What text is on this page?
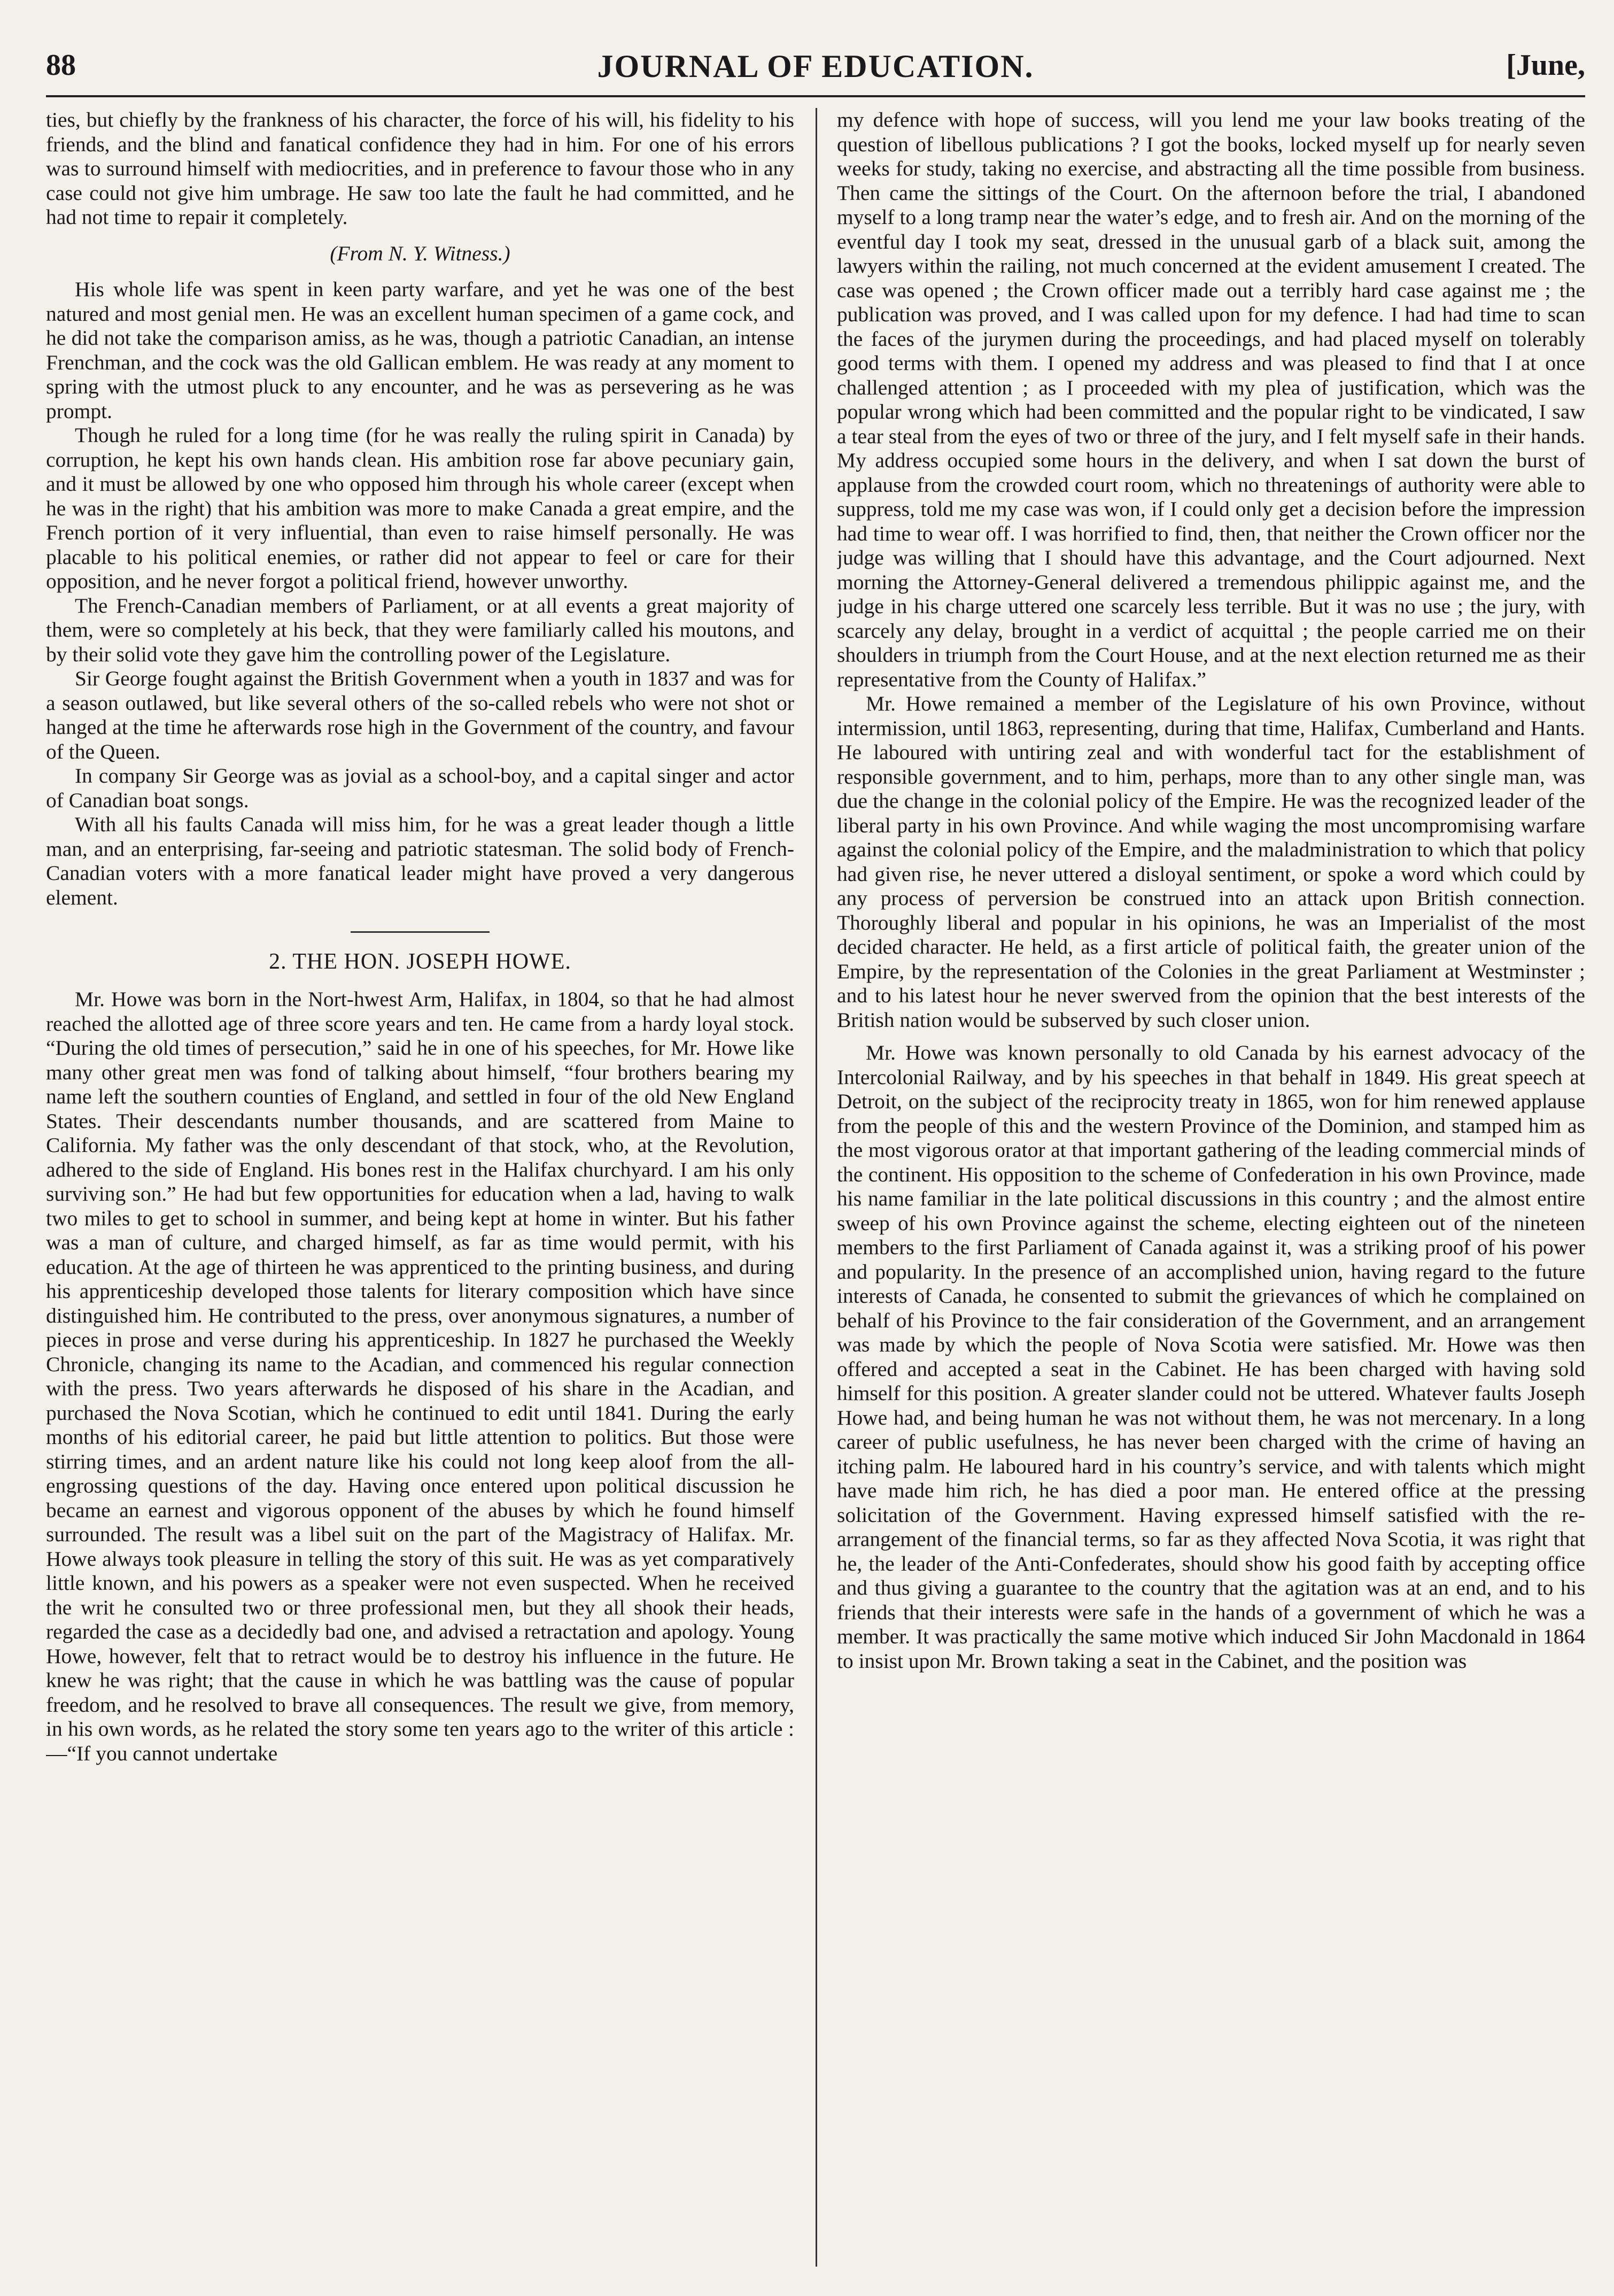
88	JOURNAL OF EDUCATION.	[June,

ties, but chiefly by the frankness of his character, the force of his will, his fidelity to his friends, and the blind and fanatical confidence they had in him. For one of his errors was to surround himself with mediocrities, and in preference to favour those who in any case could not give him umbrage. He saw too late the fault he had committed, and he had not time to repair it completely.

(From N. Y. Witness.)

His whole life was spent in keen party warfare, and yet he was one of the best natured and most genial men. He was an excellent human specimen of a game cock, and he did not take the comparison amiss, as he was, though a patriotic Canadian, an intense Frenchman, and the cock was the old Gallican emblem. He was ready at any moment to spring with the utmost pluck to any encounter, and he was as persevering as he was prompt.

Though he ruled for a long time (for he was really the ruling spirit in Canada) by corruption, he kept his own hands clean. His ambition rose far above pecuniary gain, and it must be allowed by one who opposed him through his whole career (except when he was in the right) that his ambition was more to make Canada a great empire, and the French portion of it very influential, than even to raise himself personally. He was placable to his political enemies, or rather did not appear to feel or care for their opposition, and he never forgot a political friend, however unworthy.

The French-Canadian members of Parliament, or at all events a great majority of them, were so completely at his beck, that they were familiarly called his moutons, and by their solid vote they gave him the controlling power of the Legislature.

Sir George fought against the British Government when a youth in 1837 and was for a season outlawed, but like several others of the so-called rebels who were not shot or hanged at the time he afterwards rose high in the Government of the country, and favour of the Queen.

In company Sir George was as jovial as a school-boy, and a capital singer and actor of Canadian boat songs.

With all his faults Canada will miss him, for he was a great leader though a little man, and an enterprising, far-seeing and patriotic statesman. The solid body of French-Canadian voters with a more fanatical leader might have proved a very dangerous element.

2. THE HON. JOSEPH HOWE.

Mr. Howe was born in the Nort-hwest Arm, Halifax, in 1804, so that he had almost reached the allotted age of three score years and ten. He came from a hardy loyal stock. “During the old times of persecution,” said he in one of his speeches, for Mr. Howe like many other great men was fond of talking about himself, “four brothers bearing my name left the southern counties of England, and settled in four of the old New England States. Their descendants number thousands, and are scattered from Maine to California. My father was the only descendant of that stock, who, at the Revolution, adhered to the side of England. His bones rest in the Halifax churchyard. I am his only surviving son.” He had but few opportunities for education when a lad, having to walk two miles to get to school in summer, and being kept at home in winter. But his father was a man of culture, and charged himself, as far as time would permit, with his education. At the age of thirteen he was apprenticed to the printing business, and during his apprenticeship developed those talents for literary composition which have since distinguished him. He contributed to the press, over anonymous signatures, a number of pieces in prose and verse during his apprenticeship. In 1827 he purchased the Weekly Chronicle, changing its name to the Acadian, and commenced his regular connection with the press. Two years afterwards he disposed of his share in the Acadian, and purchased the Nova Scotian, which he continued to edit until 1841. During the early months of his editorial career, he paid but little attention to politics. But those were stirring times, and an ardent nature like his could not long keep aloof from the all-engrossing questions of the day. Having once entered upon political discussion he became an earnest and vigorous opponent of the abuses by which he found himself surrounded. The result was a libel suit on the part of the Magistracy of Halifax. Mr. Howe always took pleasure in telling the story of this suit. He was as yet comparatively little known, and his powers as a speaker were not even suspected. When he received the writ he consulted two or three professional men, but they all shook their heads, regarded the case as a decidedly bad one, and advised a retractation and apology. Young Howe, however, felt that to retract would be to destroy his influence in the future. He knew he was right; that the cause in which he was battling was the cause of popular freedom, and he resolved to brave all consequences. The result we give, from memory, in his own words, as he related the story some ten years ago to the writer of this article :—“If you cannot undertake

my defence with hope of success, will you lend me your law books treating of the question of libellous publications ? I got the books, locked myself up for nearly seven weeks for study, taking no exercise, and abstracting all the time possible from business. Then came the sittings of the Court. On the afternoon before the trial, I abandoned myself to a long tramp near the water’s edge, and to fresh air. And on the morning of the eventful day I took my seat, dressed in the unusual garb of a black suit, among the lawyers within the railing, not much concerned at the evident amusement I created. The case was opened ; the Crown officer made out a terribly hard case against me ; the publication was proved, and I was called upon for my defence. I had had time to scan the faces of the jurymen during the proceedings, and had placed myself on tolerably good terms with them. I opened my address and was pleased to find that I at once challenged attention ; as I proceeded with my plea of justification, which was the popular wrong which had been committed and the popular right to be vindicated, I saw a tear steal from the eyes of two or three of the jury, and I felt myself safe in their hands. My address occupied some hours in the delivery, and when I sat down the burst of applause from the crowded court room, which no threatenings of authority were able to suppress, told me my case was won, if I could only get a decision before the impression had time to wear off. I was horrified to find, then, that neither the Crown officer nor the judge was willing that I should have this advantage, and the Court adjourned. Next morning the Attorney-General delivered a tremendous philippic against me, and the judge in his charge uttered one scarcely less terrible. But it was no use ; the jury, with scarcely any delay, brought in a verdict of acquittal ; the people carried me on their shoulders in triumph from the Court House, and at the next election returned me as their representative from the County of Halifax.”

Mr. Howe remained a member of the Legislature of his own Province, without intermission, until 1863, representing, during that time, Halifax, Cumberland and Hants. He laboured with untiring zeal and with wonderful tact for the establishment of responsible government, and to him, perhaps, more than to any other single man, was due the change in the colonial policy of the Empire. He was the recognized leader of the liberal party in his own Province. And while waging the most uncompromising warfare against the colonial policy of the Empire, and the maladministration to which that policy had given rise, he never uttered a disloyal sentiment, or spoke a word which could by any process of perversion be construed into an attack upon British connection. Thoroughly liberal and popular in his opinions, he was an Imperialist of the most decided character. He held, as a first article of political faith, the greater union of the Empire, by the representation of the Colonies in the great Parliament at Westminster ; and to his latest hour he never swerved from the opinion that the best interests of the British nation would be subserved by such closer union.

Mr. Howe was known personally to old Canada by his earnest advocacy of the Intercolonial Railway, and by his speeches in that behalf in 1849. His great speech at Detroit, on the subject of the reciprocity treaty in 1865, won for him renewed applause from the people of this and the western Province of the Dominion, and stamped him as the most vigorous orator at that important gathering of the leading commercial minds of the continent. His opposition to the scheme of Confederation in his own Province, made his name familiar in the late political discussions in this country ; and the almost entire sweep of his own Province against the scheme, electing eighteen out of the nineteen members to the first Parliament of Canada against it, was a striking proof of his power and popularity. In the presence of an accomplished union, having regard to the future interests of Canada, he consented to submit the grievances of which he complained on behalf of his Province to the fair consideration of the Government, and an arrangement was made by which the people of Nova Scotia were satisfied. Mr. Howe was then offered and accepted a seat in the Cabinet. He has been charged with having sold himself for this position. A greater slander could not be uttered. Whatever faults Joseph Howe had, and being human he was not without them, he was not mercenary. In a long career of public usefulness, he has never been charged with the crime of having an itching palm. He laboured hard in his country’s service, and with talents which might have made him rich, he has died a poor man. He entered office at the pressing solicitation of the Government. Having expressed himself satisfied with the re-arrangement of the financial terms, so far as they affected Nova Scotia, it was right that he, the leader of the Anti-Confederates, should show his good faith by accepting office and thus giving a guarantee to the country that the agitation was at an end, and to his friends that their interests were safe in the hands of a government of which he was a member. It was practically the same motive which induced Sir John Macdonald in 1864 to insist upon Mr. Brown taking a seat in the Cabinet, and the position was
